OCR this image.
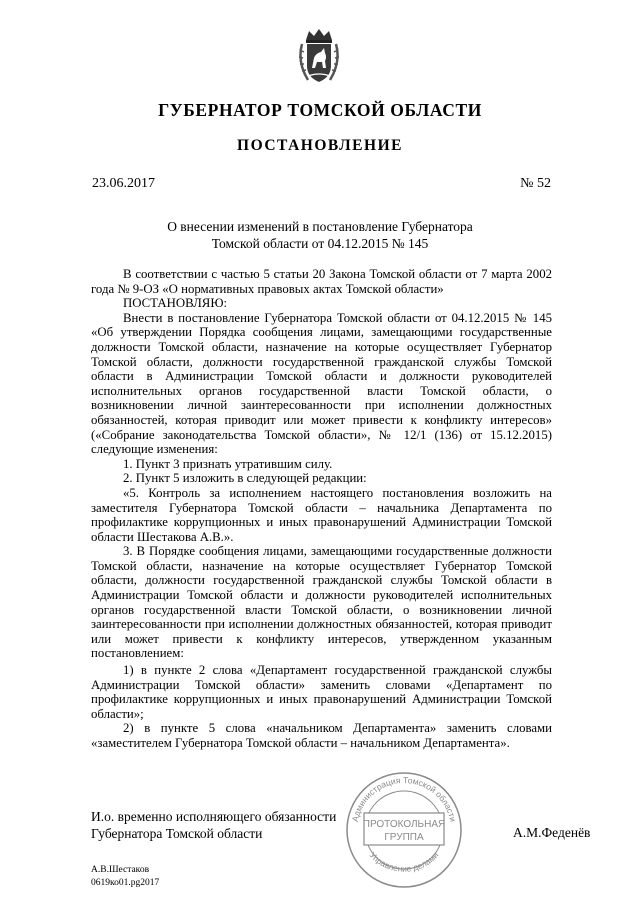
ГУБЕРНАТОР ТОМСКОЙ ОБЛАСТИ
ПОСТАНОВЛЕНИЕ
23.06.2017	№ 52
О внесении изменений в постановление Губернатора
Томской области от 04.12.2015 № 145

В соответствии с частью 5 статьи 20 Закона Томской области от 7 марта 2002 года № 9-ОЗ «О нормативных правовых актах Томской области»

ПОСТАНОВЛЯЮ:

Внести в постановление Губернатора Томской области от 04.12.2015 № 145 «Об утверждении Порядка сообщения лицами, замещающими государственные должности Томской области, назначение на которые осуществляет Губернатор Томской области, должности государственной гражданской службы Томской области в Администрации Томской области и должности руководителей исполнительных органов государственной власти Томской области, о возникновении личной заинтересованности при исполнении должностных обязанностей, которая приводит или может привести к конфликту интересов» («Собрание законодательства Томской области», № 12/1 (136) от 15.12.2015) следующие изменения:

1. Пункт 3 признать утратившим силу.

2. Пункт 5 изложить в следующей редакции:

«5. Контроль за исполнением настоящего постановления возложить на заместителя Губернатора Томской области – начальника Департамента по профилактике коррупционных и иных правонарушений Администрации Томской области Шестакова А.В.».

3. В Порядке сообщения лицами, замещающими государственные должности Томской области, назначение на которые осуществляет Губернатор Томской области, должности государственной гражданской службы Томской области в Администрации Томской области и должности руководителей исполнительных органов государственной власти Томской области, о возникновении личной заинтересованности при исполнении должностных обязанностей, которая приводит или может привести к конфликту интересов, утвержденном указанным постановлением:

1) в пункте 2 слова «Департамент государственной гражданской службы Администрации Томской области» заменить словами «Департамент по профилактике коррупционных и иных правонарушений Администрации Томской области»;

2) в пункте 5 слова «начальником Департамента» заменить словами «заместителем Губернатора Томской области – начальником Департамента».

И.о. временно исполняющего обязанности
Губернатора Томской области	А.М.Феденёв
Администрация Томской области
Управление делами
ПРОТОКОЛЬНАЯ
ГРУППА
А.В.Шестаков
0619ко01.pg2017
